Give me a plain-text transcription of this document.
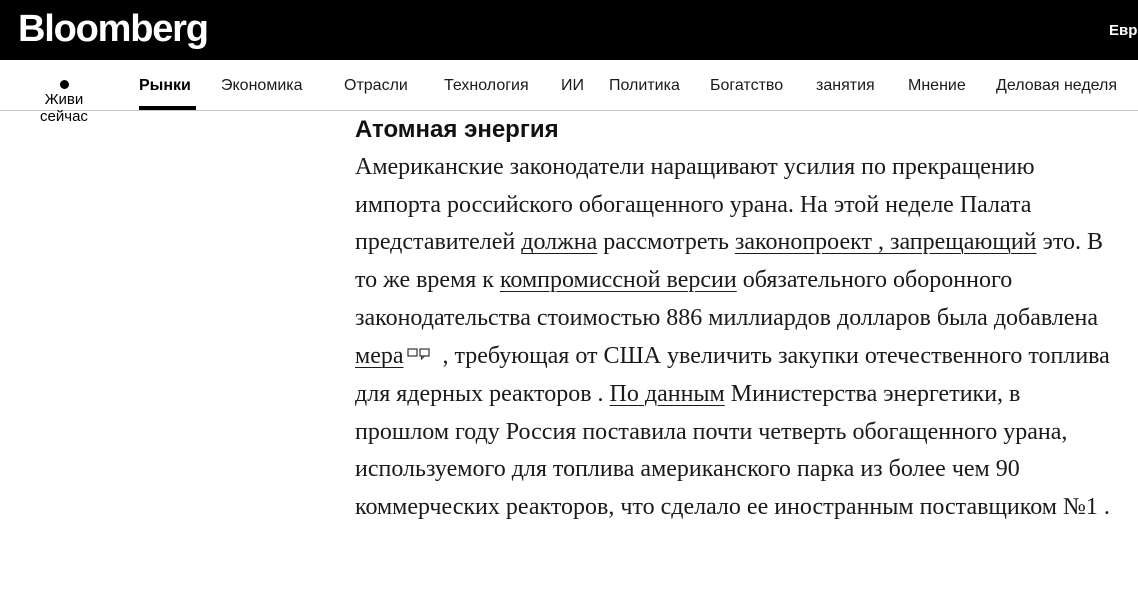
Bloomberg	Евр
Живи сейчас
Рынки Экономика	Отрасли Технология ИИ Политика Богатство занятия Мнение Деловая неделя
Атомная энергия

Американские законодатели наращивают усилия по прекращению импорта российского обогащенного урана. На этой неделе Палата представителей должна рассмотреть законопроект , запрещающий это. В то же время к компромиссной версии обязательного оборонного законодательства стоимостью 886 миллиардов долларов была добавлена мера , требующая от США увеличить закупки отечественного топлива для ядерных реакторов . По данным Министерства энергетики, в прошлом году Россия поставила почти четверть обогащенного урана, используемого для топлива американского парка из более чем 90 коммерческих реакторов, что сделало ее иностранным поставщиком №1 .
